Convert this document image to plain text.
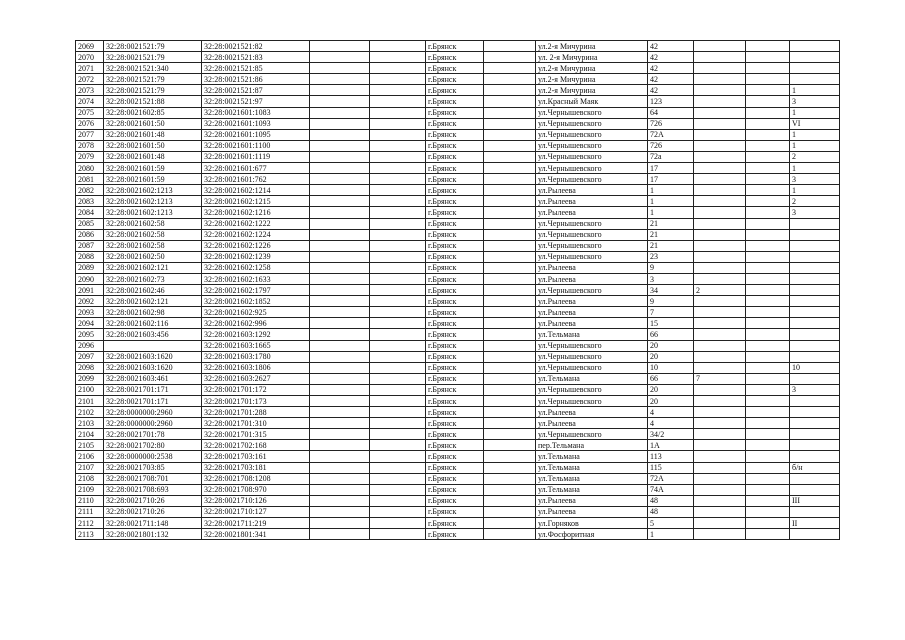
2069	32:28:0021521:79	32:28:0021521:82			г.Брянск		ул.2-я Мичурина	42			
2070	32:28:0021521:79	32:28:0021521:83			г.Брянск		ул. 2-я Мичурина	42			
2071	32:28:0021521:340	32:28:0021521:85			г.Брянск		ул.2-я Мичурина	42			
2072	32:28:0021521:79	32:28:0021521:86			г.Брянск		ул.2-я Мичурина	42			
2073	32:28:0021521:79	32:28:0021521:87			г.Брянск		ул.2-я Мичурина	42			1
2074	32:28:0021521:88	32:28:0021521:97			г.Брянск		ул.Красный Маяк	123			3
2075	32:28:0021602:85	32:28:0021601:1083			г.Брянск		ул.Чернышевского	64			1
2076	32:28:0021601:50	32:28:0021601:1093			г.Брянск		ул.Чернышевского	726			VI
2077	32:28:0021601:48	32:28:0021601:1095			г.Брянск		ул.Чернышевского	72А			1
2078	32:28:0021601:50	32:28:0021601:1100			г.Брянск		ул.Чернышевского	726			1
2079	32:28:0021601:48	32:28:0021601:1119			г.Брянск		ул.Чернышевского	72а			2
2080	32:28:0021601:59	32:28:0021601:677			г.Брянск		ул.Чернышевского	17			1
2081	32:28:0021601:59	32:28:0021601:762			г.Брянск		ул.Чернышевского	17			3
2082	32:28:0021602:1213	32:28:0021602:1214			г.Брянск		ул.Рылеева	1			1
2083	32:28:0021602:1213	32:28:0021602:1215			г.Брянск		ул.Рылеева	1			2
2084	32:28:0021602:1213	32:28:0021602:1216			г.Брянск		ул.Рылеева	1			3
2085	32:28:0021602:58	32:28:0021602:1222			г.Брянск		ул.Чернышевского	21			
2086	32:28:0021602:58	32:28:0021602:1224			г.Брянск		ул.Чернышевского	21			
2087	32:28:0021602:58	32:28:0021602:1226			г.Брянск		ул.Чернышевского	21			
2088	32:28:0021602:50	32:28:0021602:1239			г.Брянск		ул.Чернышевского	23			
2089	32:28:0021602:121	32:28:0021602:1258			г.Брянск		ул.Рылеева	9			
2090	32:28:0021602:73	32:28:0021602:1633			г.Брянск		ул.Рылеева	3			
2091	32:28:0021602:46	32:28:0021602:1797			г.Брянск		ул.Чернышевского	34	2		
2092	32:28:0021602:121	32:28:0021602:1852			г.Брянск		ул.Рылеева	9			
2093	32:28:0021602:98	32:28:0021602:925			г.Брянск		ул.Рылеева	7			
2094	32:28:0021602:116	32:28:0021602:996			г.Брянск		ул.Рылеева	15			
2095	32:28:0021603:456	32:28:0021603:1292			г.Брянск		ул.Тельмана	66			
2096		32:28:0021603:1665			г.Брянск		ул.Чернышевского	20			
2097	32:28:0021603:1620	32:28:0021603:1780			г.Брянск		ул.Чернышевского	20			
2098	32:28:0021603:1620	32:28:0021603:1806			г.Брянск		ул.Чернышевского	10			10
2099	32:28:0021603:461	32:28:0021603:2627			г.Брянск		ул.Тельмана	66	7		
2100	32:28:0021701:171	32:28:0021701:172			г.Брянск		ул.Чернышевского	20			3
2101	32:28:0021701:171	32:28:0021701:173			г.Брянск		ул.Чернышевского	20			
2102	32:28:0000000:2960	32:28:0021701:288			г.Брянск		ул.Рылеева	4			
2103	32:28:0000000:2960	32:28:0021701:310			г.Брянск		ул.Рылеева	4			
2104	32:28:0021701:78	32:28:0021701:315			г.Брянск		ул.Чернышевского	34/2			
2105	32:28:0021702:80	32:28:0021702:168			г.Брянск		пер.Тельмана	1А			
2106	32:28:0000000:2538	32:28:0021703:161			г.Брянск		ул.Тельмана	113			
2107	32:28:0021703:85	32:28:0021703:181			г.Брянск		ул.Тельмана	115			б/н
2108	32:28:0021708:701	32:28:0021708:1208			г.Брянск		ул.Тельмана	72А			
2109	32:28:0021708:693	32:28:0021708:970			г.Брянск		ул.Тельмана	74А			
2110	32:28:0021710:26	32:28:0021710:126			г.Брянск		ул.Рылеева	48			III
2111	32:28:0021710:26	32:28:0021710:127			г.Брянск		ул.Рылеева	48			
2112	32:28:0021711:148	32:28:0021711:219			г.Брянск		ул.Горняков	5			II
2113	32:28:0021801:132	32:28:0021801:341			г.Брянск		ул.Фосфоритная	1			
